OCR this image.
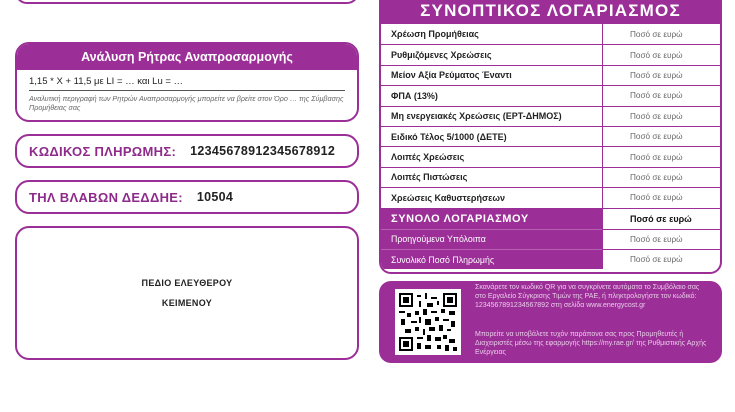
Ανάλυση Ρήτρας Αναπροσαρμογής
1,15 * X + 11,5 με LI = … και Lu = …
Αναλυτική περιγραφή των Ρητρών Αναπροσαρμογής μπορείτε να βρείτε στον Όρο … της Σύμβασης Προμήθειας σας
ΚΩΔΙΚΟΣ ΠΛΗΡΩΜΗΣ: 12345678912345678912
ΤΗΛ ΒΛΑΒΩΝ ΔΕΔΔΗΕ: 10504
ΠΕΔΙΟ ΕΛΕΥΘΕΡΟΥ
ΚΕΙΜΕΝΟΥ
ΣΥΝΟΠΤΙΚΟΣ ΛΟΓΑΡΙΑΣΜΟΣ
Χρέωση Προμήθειας	Ποσό σε ευρώ
Ρυθμιζόμενες Χρεώσεις	Ποσό σε ευρώ
Μείον Αξία Ρεύματος Έναντι	Ποσό σε ευρώ
ΦΠΑ (13%)	Ποσό σε ευρώ
Μη ενεργειακές Χρεώσεις (ΕΡΤ-ΔΗΜΟΣ)	Ποσό σε ευρώ
Ειδικό Τέλος 5/1000 (ΔΕΤΕ)	Ποσό σε ευρώ
Λοιπές Χρεώσεις	Ποσό σε ευρώ
Λοιπές Πιστώσεις	Ποσό σε ευρώ
Χρεώσεις Καθυστερήσεων	Ποσό σε ευρώ
ΣΥΝΟΛΟ ΛΟΓΑΡΙΑΣΜΟΥ	Ποσό σε ευρώ
Προηγούμενα Υπόλοιπα	Ποσό σε ευρώ
Συνολικό Ποσό Πληρωμής	Ποσό σε ευρώ
Σκανάρετε τον κωδικό QR για να συγκρίνετε αυτόματα το Συμβόλαιο σας στο Εργαλείο Σύγκρισης Τιμών της ΡΑΕ, ή πληκτρολογήστε τον κωδικό: 1234567891234567892 στη σελίδα www.energycost.gr
Μπορείτε να υποβάλετε τυχόν παράπονα σας προς Προμηθευτές ή Διαχειριστές μέσω της εφαρμογής https://my.rae.gr/ της Ρυθμιστικής Αρχής Ενέργειας
